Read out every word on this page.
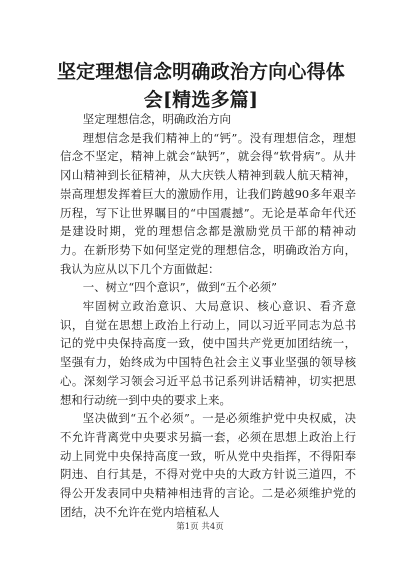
坚定理想信念明确政治方向心得体会[精选多篇]

坚定理想信念，明确政治方向

理想信念是我们精神上的“钙”。没有理想信念，理想信念不坚定，精神上就会“缺钙”，就会得“软骨病”。从井冈山精神到长征精神，从大庆铁人精神到载人航天精神，崇高理想发挥着巨大的激励作用，让我们跨越90多年艰辛历程，写下让世界瞩目的“中国震撼”。无论是革命年代还是建设时期，党的理想信念都是激励党员干部的精神动力。在新形势下如何坚定党的理想信念，明确政治方向，我认为应从以下几个方面做起：

一、树立“四个意识”，做到“五个必须”

牢固树立政治意识、大局意识、核心意识、看齐意识，自觉在思想上政治上行动上，同以习近平同志为总书记的党中央保持高度一致，使中国共产党更加团结统一，坚强有力，始终成为中国特色社会主义事业坚强的领导核心。深刻学习领会习近平总书记系列讲话精神，切实把思想和行动统一到中央的要求上来。

坚决做到“五个必须”。一是必须维护党中央权威，决不允许背离党中央要求另搞一套，必须在思想上政治上行动上同党中央保持高度一致，听从党中央指挥，不得阳奉阴违、自行其是，不得对党中央的大政方针说三道四，不得公开发表同中央精神相违背的言论。二是必须维护党的团结，决不允许在党内培植私人

第1页 共4页
